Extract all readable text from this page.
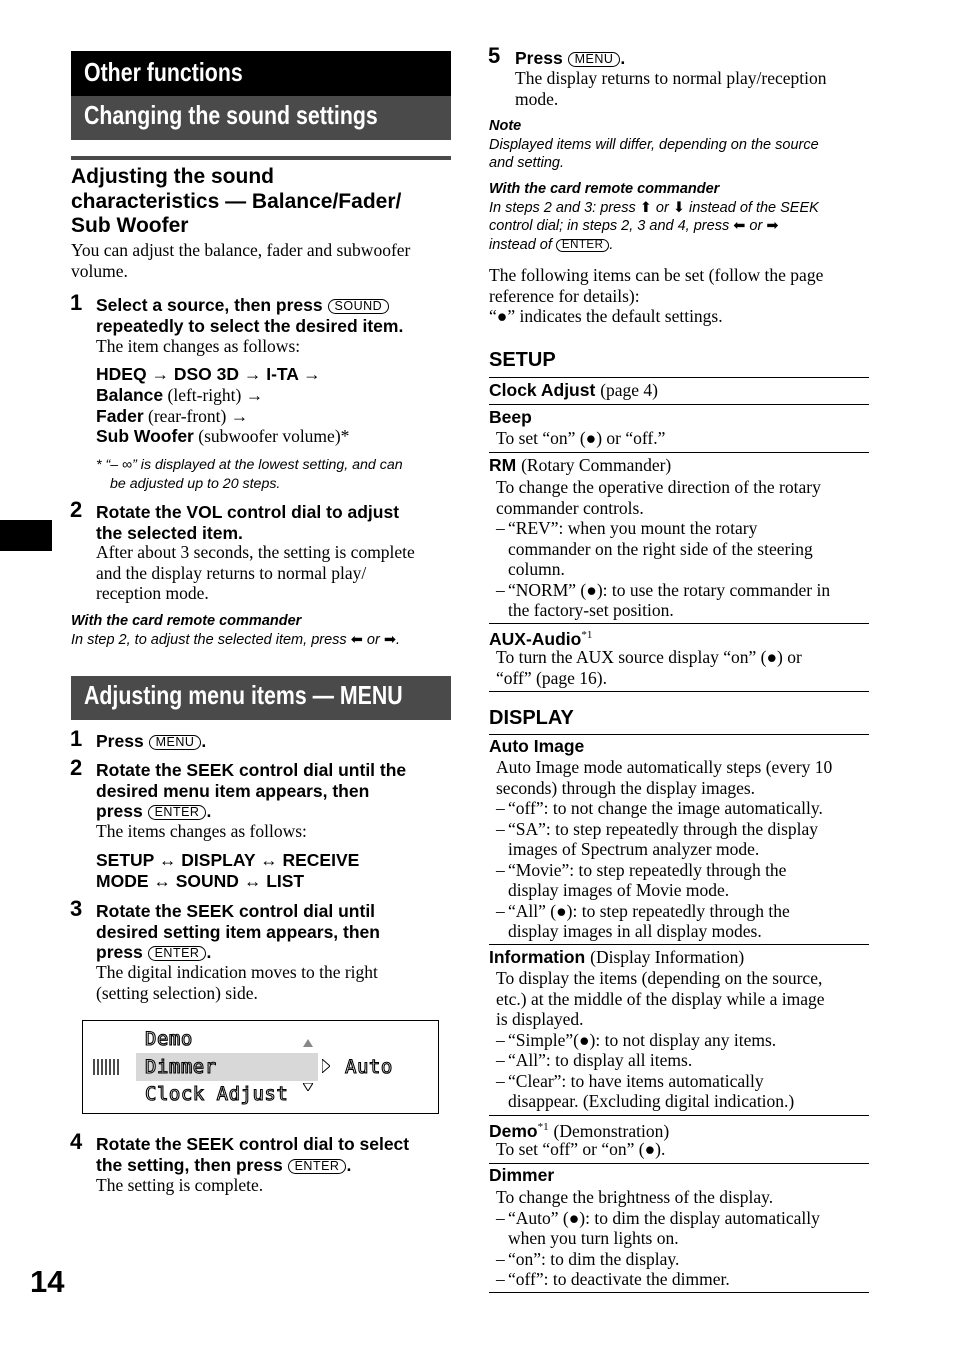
Other functions
Changing the sound settings
Adjusting the sound
characteristics — Balance/Fader/
Sub Woofer
You can adjust the balance, fader and subwoofer
volume.
1 Select a source, then press SOUND
repeatedly to select the desired item.
The item changes as follows:
HDEQ → DSO 3D → I-TA →
Balance (left-right) →
Fader (rear-front) →
Sub Woofer (subwoofer volume)*
* “– ∞” is displayed at the lowest setting, and can
be adjusted up to 20 steps.
2 Rotate the VOL control dial to adjust
the selected item.
After about 3 seconds, the setting is complete
and the display returns to normal play/
reception mode.
With the card remote commander
In step 2, to adjust the selected item, press ⬅ or ➡.
Adjusting menu items — MENU
1 Press MENU .
2 Rotate the SEEK control dial until the
desired menu item appears, then
press ENTER .
The items changes as follows:
SETUP ↔ DISPLAY ↔ RECEIVE
MODE ↔ SOUND ↔ LIST
3 Rotate the SEEK control dial until
desired setting item appears, then
press ENTER .
The digital indication moves to the right
(setting selection) side.
Demo
Dimmer
Clock Adjust
Auto
4 Rotate the SEEK control dial to select
the setting, then press ENTER .
The setting is complete.
14
5 Press MENU .
The display returns to normal play/reception
mode.
Note
Displayed items will differ, depending on the source
and setting.
With the card remote commander
In steps 2 and 3: press ⬆ or ⬇ instead of the SEEK
control dial; in steps 2, 3 and 4, press ⬅ or ➡
instead of ENTER .
The following items can be set (follow the page
reference for details):
“●” indicates the default settings.
SETUP
Clock Adjust (page 4)
Beep
To set “on” (●) or “off.”
RM (Rotary Commander)
To change the operative direction of the rotary
commander controls.
– “REV”: when you mount the rotary
commander on the right side of the steering
column.
– “NORM” (●): to use the rotary commander in
the factory-set position.
AUX-Audio$^{*1}$
To turn the AUX source display “on” (●) or
“off” (page 16).
DISPLAY
Auto Image
Auto Image mode automatically steps (every 10
seconds) through the display images.
– “off”: to not change the image automatically.
– “SA”: to step repeatedly through the display
images of Spectrum analyzer mode.
– “Movie”: to step repeatedly through the
display images of Movie mode.
– “All” (●): to step repeatedly through the
display images in all display modes.
Information (Display Information)
To display the items (depending on the source,
etc.) at the middle of the display while a image
is displayed.
– “Simple”(●): to not display any items.
– “All”: to display all items.
– “Clear”: to have items automatically
disappear. (Excluding digital indication.)
Demo$^{*1}$ (Demonstration)
To set “off” or “on” (●).
Dimmer
To change the brightness of the display.
– “Auto” (●): to dim the display automatically
when you turn lights on.
– “on”: to dim the display.
– “off”: to deactivate the dimmer.
